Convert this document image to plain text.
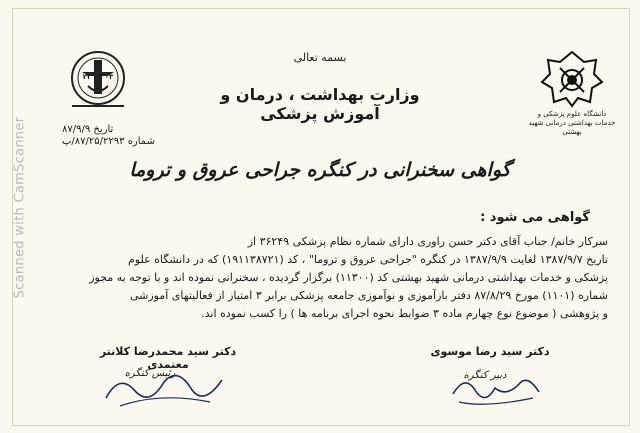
Scanned with CamScanner
۲۳ ۰۳ ۰۳
دانشگاه علوم پزشکی و خدمات بهداشتی درمانی شهید بهشتی
بسمه تعالی
وزارت بهداشت ، درمان و آموزش پزشکی
تاریخ ۸۷/۹/۹
شماره ۸۷/۲۵/۲۲۹۳/پ
گواهی سخنرانی در کنگره جراحی عروق و تروما
گواهی می شود :
سرکار خانم/ جناب آقای دکتر حسن راوری دارای شماره نظام پزشکی ۳۶۲۴۹ از
تاریخ ۱۳۸۷/۹/۷ لغایت ۱۳۸۷/۹/۹ در کنگره "جراحی عروق و تروما" ، کد (۱۹۱۱۳۸۷۲۱) که در دانشگاه علوم
پزشکی و خدمات بهداشتی درمانی شهید بهشتی کد (۱۱۳۰۰) برگزار گردیده ، سخنرانی نموده اند و با توجه به مجوز
شماره (۱۱۰۱) مورخ ۸۷/۸/۲۹ دفتر بازآموزی و نوآموزی جامعه پزشکی برابر ۳ امتیاز از فعالیتهای آموزشی
و پژوهشی ( موضوع نوع چهارم ماده ۳ ضوابط نحوه اجرای برنامه ها ) را کسب نموده اند.
دکتر سید رضا موسوی
دکتر سید محمدرضا کلانتر معتمدی
دبیر کنگره
رئیس کنگره
